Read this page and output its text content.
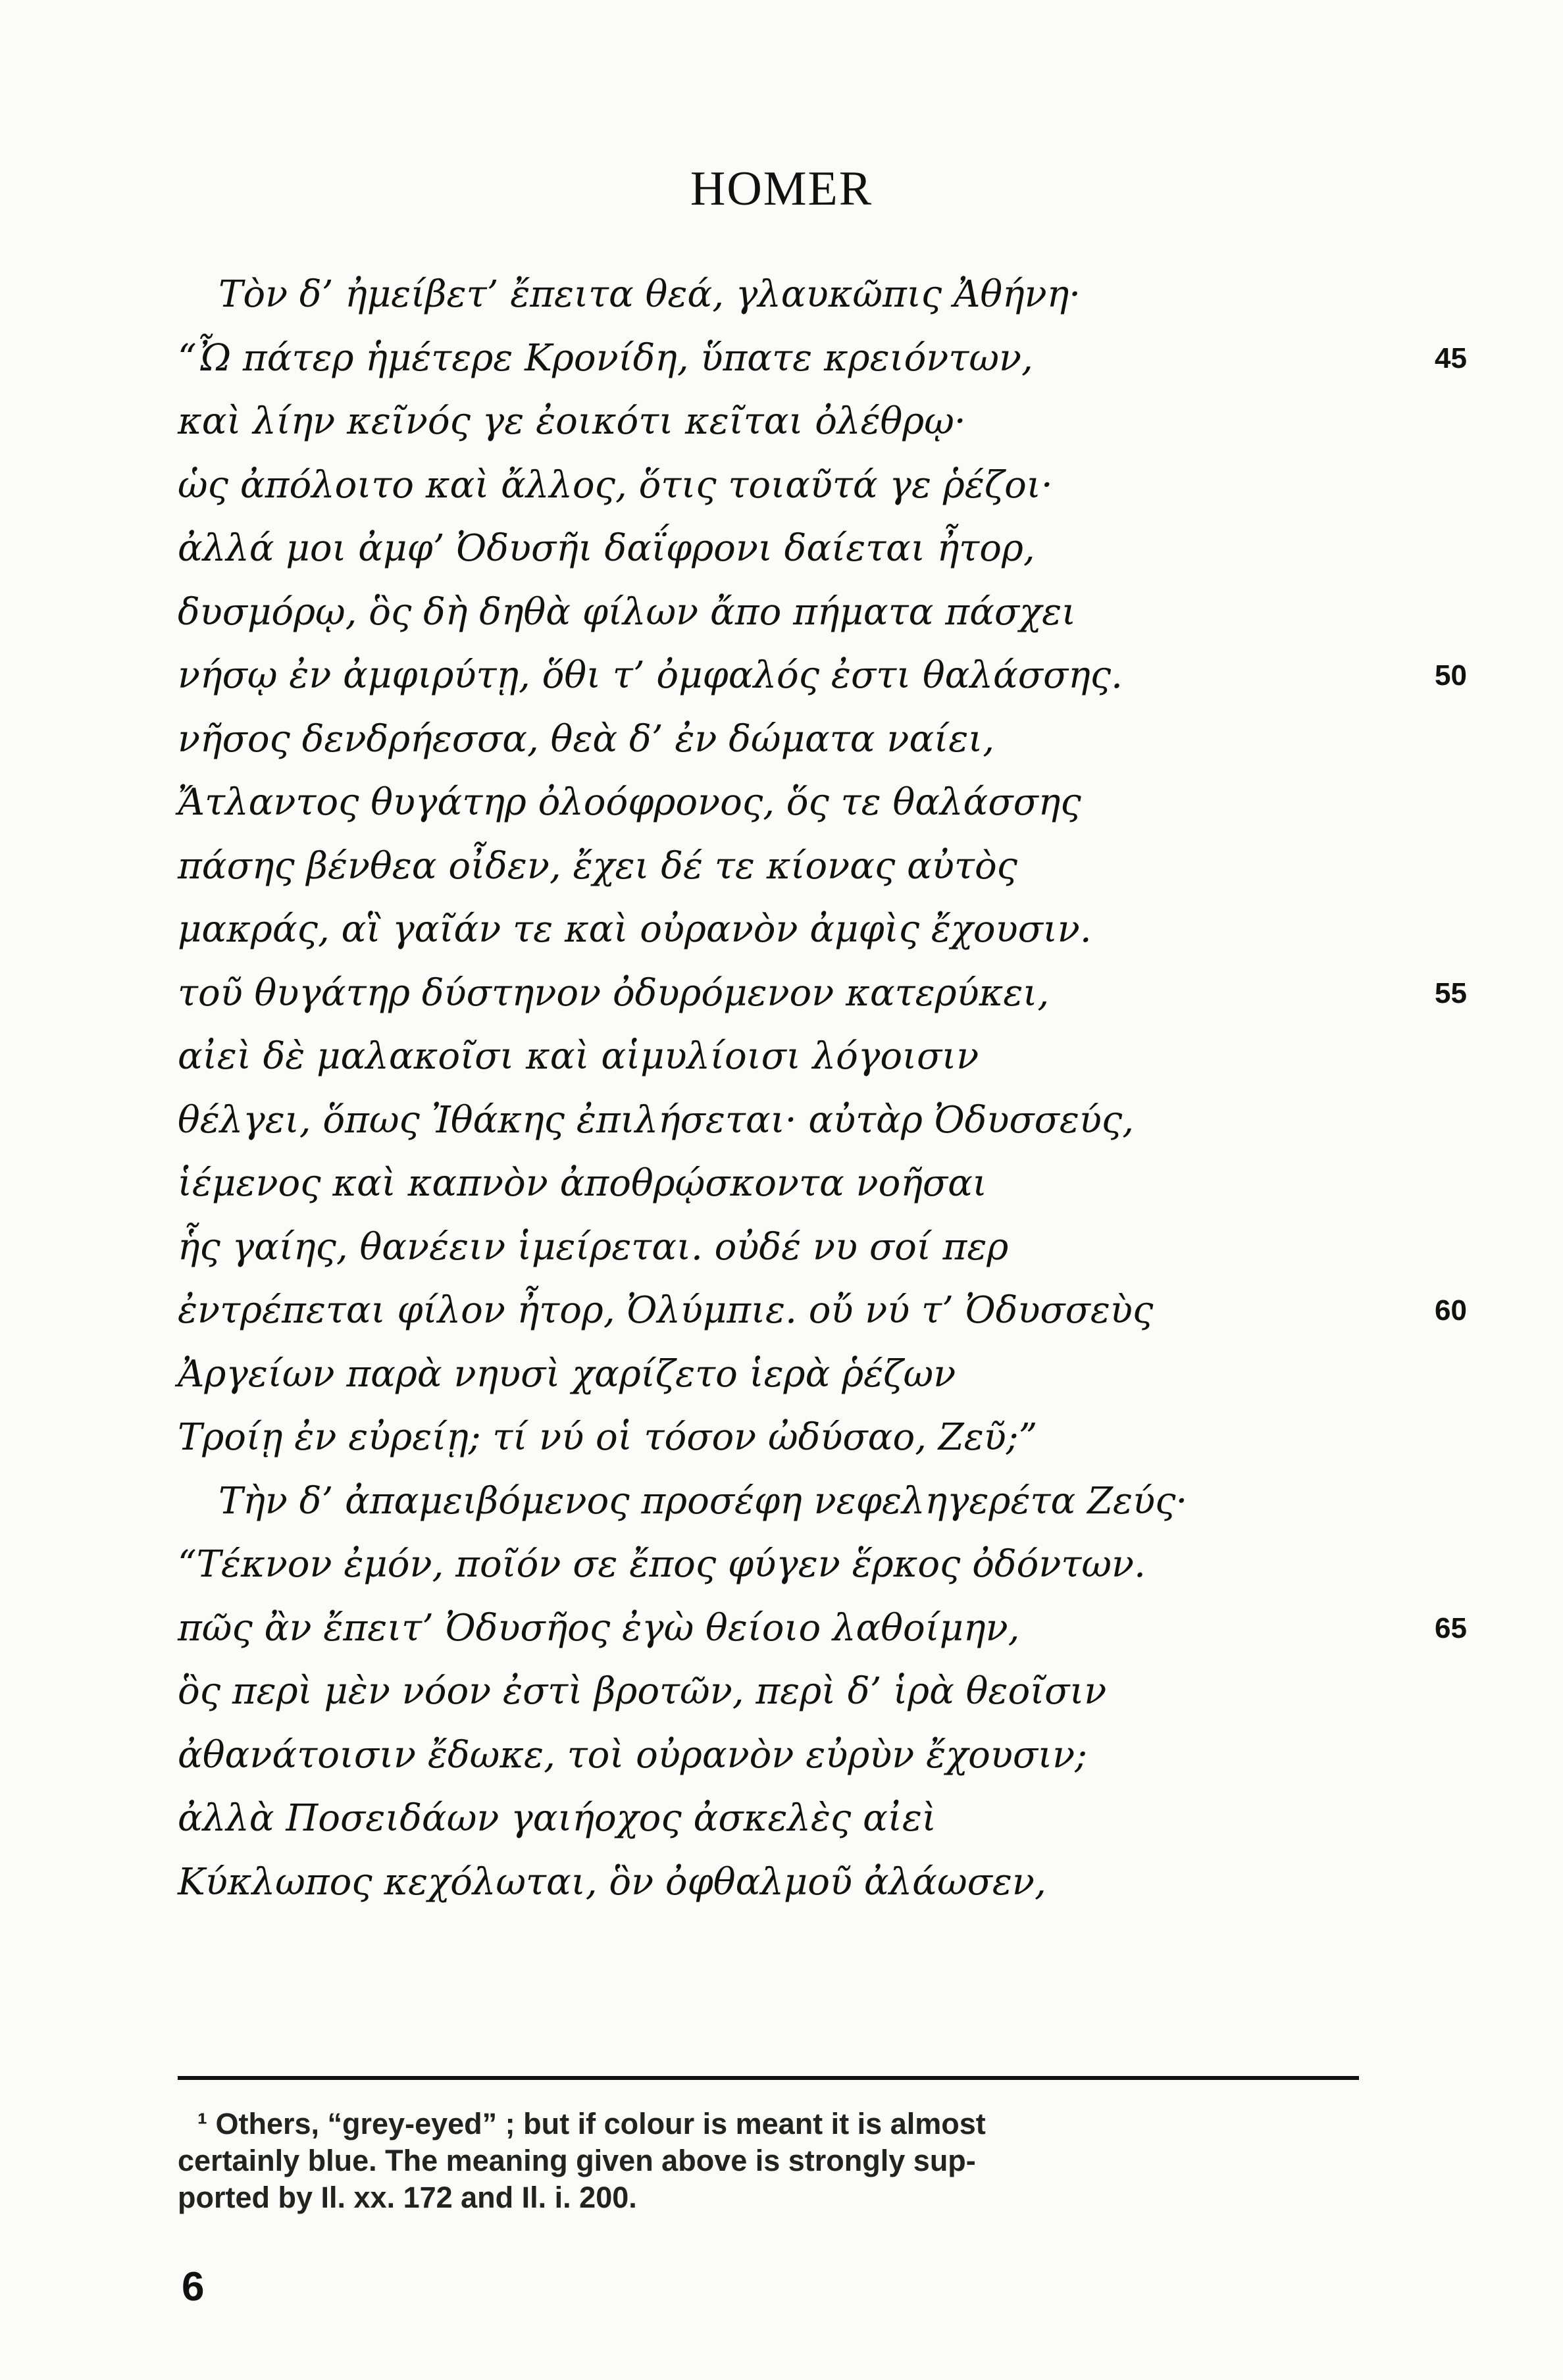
HOMER
Τὸν δ’ ἠμείβετ’ ἔπειτα θεά, γλαυκῶπις Ἀθήνη·
“Ὦ πάτερ ἡμέτερε Κρονίδη, ὕπατε κρειόντων,	45
καὶ λίην κεῖνός γε ἐοικότι κεῖται ὀλέθρῳ·
ὡς ἀπόλοιτο καὶ ἄλλος, ὅτις τοιαῦτά γε ῥέζοι·
ἀλλά μοι ἀμφ’ Ὀδυσῆι δαΐφρονι δαίεται ἦτορ,
δυσμόρῳ, ὃς δὴ δηθὰ φίλων ἄπο πήματα πάσχει
νήσῳ ἐν ἀμφιρύτῃ, ὅθι τ’ ὀμφαλός ἐστι θαλάσσης.	50
νῆσος δενδρήεσσα, θεὰ δ’ ἐν δώματα ναίει,
Ἄτλαντος θυγάτηρ ὀλοόφρονος, ὅς τε θαλάσσης
πάσης βένθεα οἶδεν, ἔχει δέ τε κίονας αὐτὸς
μακράς, αἳ γαῖάν τε καὶ οὐρανὸν ἀμφὶς ἔχουσιν.
τοῦ θυγάτηρ δύστηνον ὀδυρόμενον κατερύκει,	55
αἰεὶ δὲ μαλακοῖσι καὶ αἱμυλίοισι λόγοισιν
θέλγει, ὅπως Ἰθάκης ἐπιλήσεται· αὐτὰρ Ὀδυσσεύς,
ἱέμενος καὶ καπνὸν ἀποθρῴσκοντα νοῆσαι
ἧς γαίης, θανέειν ἱμείρεται. οὐδέ νυ σοί περ
ἐντρέπεται φίλον ἦτορ, Ὀλύμπιε. οὔ νύ τ’ Ὀδυσσεὺς	60
Ἀργείων παρὰ νηυσὶ χαρίζετο ἱερὰ ῥέζων
Τροίῃ ἐν εὐρείῃ; τί νύ οἱ τόσον ὠδύσαο, Ζεῦ;”
Τὴν δ’ ἀπαμειβόμενος προσέφη νεφεληγερέτα Ζεύς·
“Τέκνον ἐμόν, ποῖόν σε ἔπος φύγεν ἕρκος ὀδόντων.
πῶς ἂν ἔπειτ’ Ὀδυσῆος ἐγὼ θείοιο λαθοίμην,	65
ὃς περὶ μὲν νόον ἐστὶ βροτῶν, περὶ δ’ ἱρὰ θεοῖσιν
ἀθανάτοισιν ἔδωκε, τοὶ οὐρανὸν εὐρὺν ἔχουσιν;
ἀλλὰ Ποσειδάων γαιήοχος ἀσκελὲς αἰεὶ
Κύκλωπος κεχόλωται, ὃν ὀφθαλμοῦ ἀλάωσεν,
¹ Others, “grey-eyed” ; but if colour is meant it is almost
certainly blue. The meaning given above is strongly sup-
ported by Il. xx. 172 and Il. i. 200.
6
